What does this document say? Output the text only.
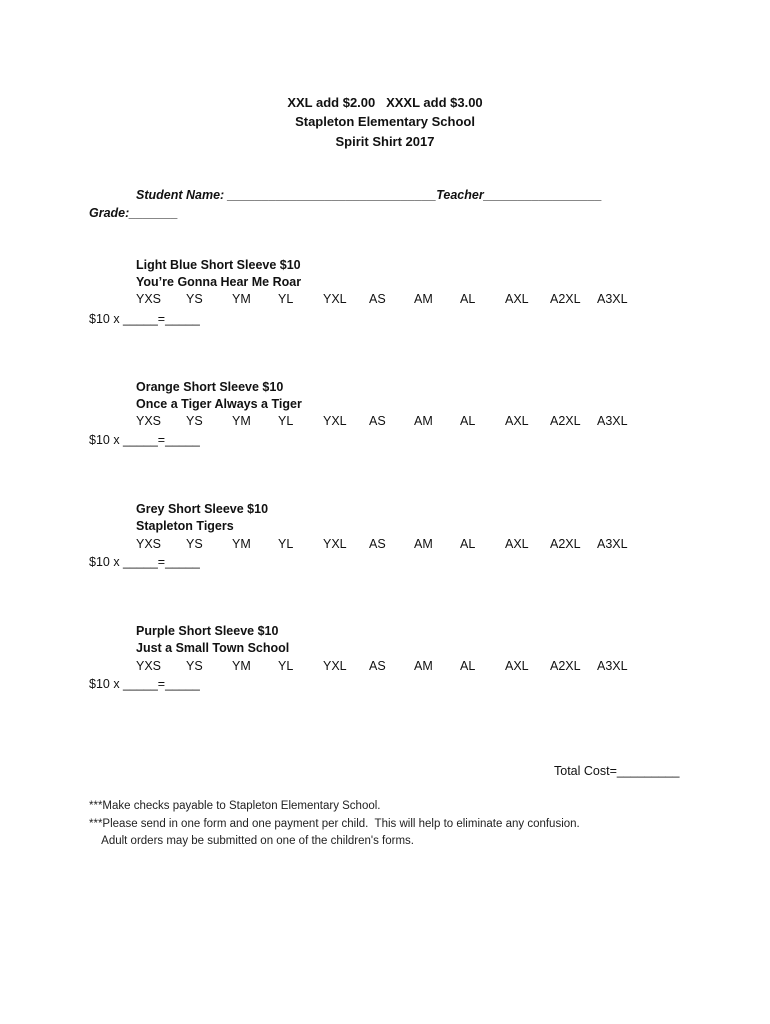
XXL add $2.00   XXXL add $3.00
Stapleton Elementary School
Spirit Shirt 2017
Student Name: ______________________________Teacher_________________
Grade:_______
Light Blue Short Sleeve $10
You’re Gonna Hear Me Roar
YXS YS YM YL YXL AS AM AL AXL A2XL A3XL
$10 x _____=_____
Orange Short Sleeve $10
Once a Tiger Always a Tiger
YXS YS YM YL YXL AS AM AL AXL A2XL A3XL
$10 x _____=_____
Grey Short Sleeve $10
Stapleton Tigers
YXS YS YM YL YXL AS AM AL AXL A2XL A3XL
$10 x _____=_____
Purple Short Sleeve $10
Just a Small Town School
YXS YS YM YL YXL AS AM AL AXL A2XL A3XL
$10 x _____=_____
Total Cost=_________
***Make checks payable to Stapleton Elementary School.
***Please send in one form and one payment per child.  This will help to eliminate any confusion.
Adult orders may be submitted on one of the children's forms.
